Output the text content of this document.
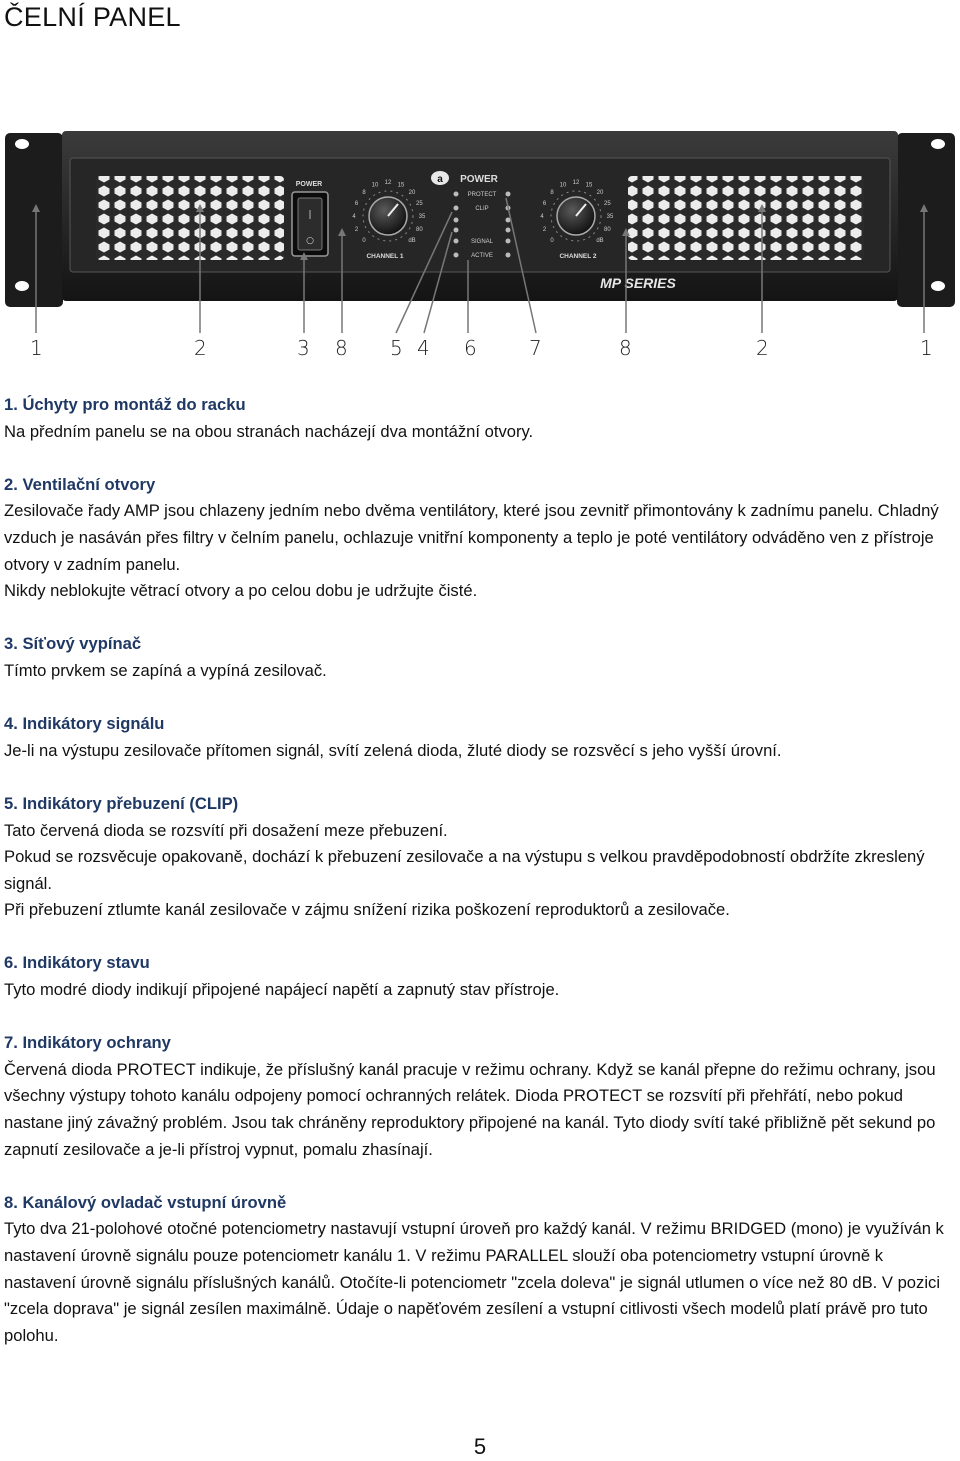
ČELNÍ PANEL
POWER
|
○
CHANNEL 1	CHANNEL 2
a POWER
PROTECT
CLIP
SIGNAL
ACTIVE
MP SERIES
0
2
4
6
8
10 12 15
20
25
35
80
dB	0
2
4
6
8
10 12 15
20
25
35
80
dB
1	2	3 8 5 4 6	7	8	2	1
1. Úchyty pro montáž do racku

Na předním panelu se na obou stranách nacházejí dva montážní otvory.

2. Ventilační otvory

Zesilovače řady AMP jsou chlazeny jedním nebo dvěma ventilátory, které jsou zevnitř přimontovány k zadnímu panelu. Chladný vzduch je nasáván přes filtry v čelním panelu, ochlazuje vnitřní komponenty a teplo je poté ventilátory odváděno ven z přístroje otvory v zadním panelu.

Nikdy neblokujte větrací otvory a po celou dobu je udržujte čisté.

3. Síťový vypínač

Tímto prvkem se zapíná a vypíná zesilovač.

4. Indikátory signálu

Je-li na výstupu zesilovače přítomen signál, svítí zelená dioda, žluté diody se rozsvěcí s jeho vyšší úrovní.

5. Indikátory přebuzení (CLIP)

Tato červená dioda se rozsvítí při dosažení meze přebuzení.

Pokud se rozsvěcuje opakovaně, dochází k přebuzení zesilovače a na výstupu s velkou pravděpodobností obdržíte zkreslený signál.

Při přebuzení ztlumte kanál zesilovače v zájmu snížení rizika poškození reproduktorů a zesilovače.

6. Indikátory stavu

Tyto modré diody indikují připojené napájecí napětí a zapnutý stav přístroje.

7. Indikátory ochrany

Červená dioda PROTECT indikuje, že příslušný kanál pracuje v režimu ochrany. Když se kanál přepne do režimu ochrany, jsou všechny výstupy tohoto kanálu odpojeny pomocí ochranných relátek. Dioda PROTECT se rozsvítí při přehřátí, nebo pokud nastane jiný závažný problém. Jsou tak chráněny reproduktory připojené na kanál. Tyto diody svítí také přibližně pět sekund po zapnutí zesilovače a je-li přístroj vypnut, pomalu zhasínají.

8. Kanálový ovladač vstupní úrovně

Tyto dva 21-polohové otočné potenciometry nastavují vstupní úroveň pro každý kanál. V režimu BRIDGED (mono) je využíván k nastavení úrovně signálu pouze potenciometr kanálu 1. V režimu PARALLEL slouží oba potenciometry vstupní úrovně k nastavení úrovně signálu příslušných kanálů. Otočíte-li potenciometr "zcela doleva" je signál utlumen o více než 80 dB. V pozici "zcela doprava" je signál zesílen maximálně. Údaje o napěťovém zesílení a vstupní citlivosti všech modelů platí právě pro tuto polohu.

5
